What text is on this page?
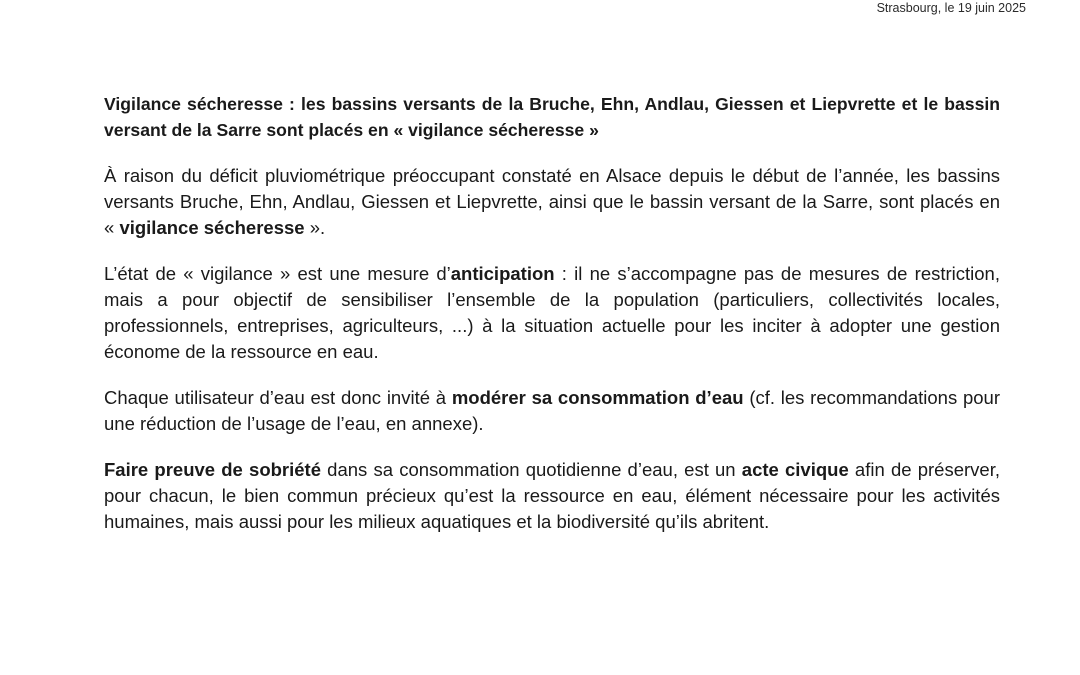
Strasbourg, le 19 juin 2025
Vigilance sécheresse : les bassins versants de la Bruche, Ehn, Andlau, Giessen et Liepvrette et le bassin versant de la Sarre sont placés en « vigilance sécheresse »

À raison du déficit pluviométrique préoccupant constaté en Alsace depuis le début de l’année, les bassins versants Bruche, Ehn, Andlau, Giessen et Liepvrette, ainsi que le bassin versant de la Sarre, sont placés en « vigilance sécheresse ».

L’état de « vigilance » est une mesure d’anticipation : il ne s’accompagne pas de mesures de restriction, mais a pour objectif de sensibiliser l’ensemble de la population (particuliers, collectivités locales, professionnels, entreprises, agriculteurs, ...) à la situation actuelle pour les inciter à adopter une gestion économe de la ressource en eau.

Chaque utilisateur d’eau est donc invité à modérer sa consommation d’eau (cf. les recommandations pour une réduction de l’usage de l’eau, en annexe).

Faire preuve de sobriété dans sa consommation quotidienne d’eau, est un acte civique afin de préserver, pour chacun, le bien commun précieux qu’est la ressource en eau, élément nécessaire pour les activités humaines, mais aussi pour les milieux aquatiques et la biodiversité qu’ils abritent.
